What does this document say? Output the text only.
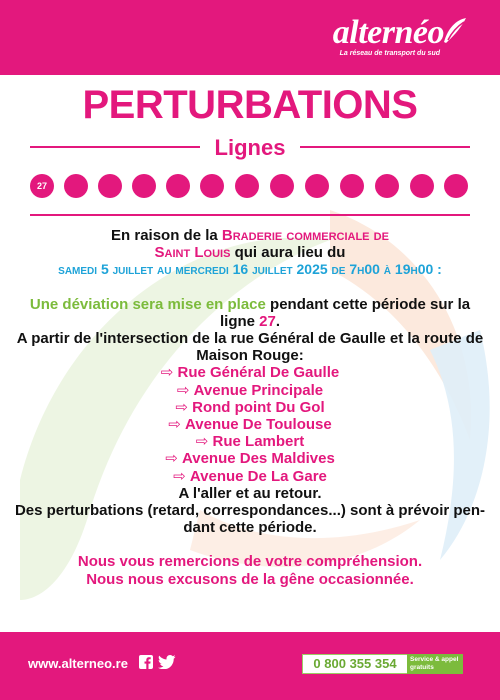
alternéo
La réseau de transport du sud
PERTURBATIONS
Lignes
27
En raison de la Braderie commerciale de
Saint Louis qui aura lieu du
samedi 5 juillet au mercredi 16 juillet 2025 de 7h00 à 19h00 :
Une déviation sera mise en place pendant cette période sur la
ligne 27.
A partir de l'intersection de la rue Général de Gaulle et la route de Maison Rouge:
⇨ Rue Général De Gaulle
⇨ Avenue Principale
⇨ Rond point Du Gol
⇨ Avenue De Toulouse
⇨ Rue Lambert
⇨ Avenue Des Maldives
⇨ Avenue De La Gare
A l'aller et au retour.
Des perturbations (retard, correspondances...) sont à prévoir pen-dant cette période.
Nous vous remercions de votre compréhension.
Nous nous excusons de la gêne occasionnée.
www.alterneo.re	0 800 355 354	Service & appel gratuits
